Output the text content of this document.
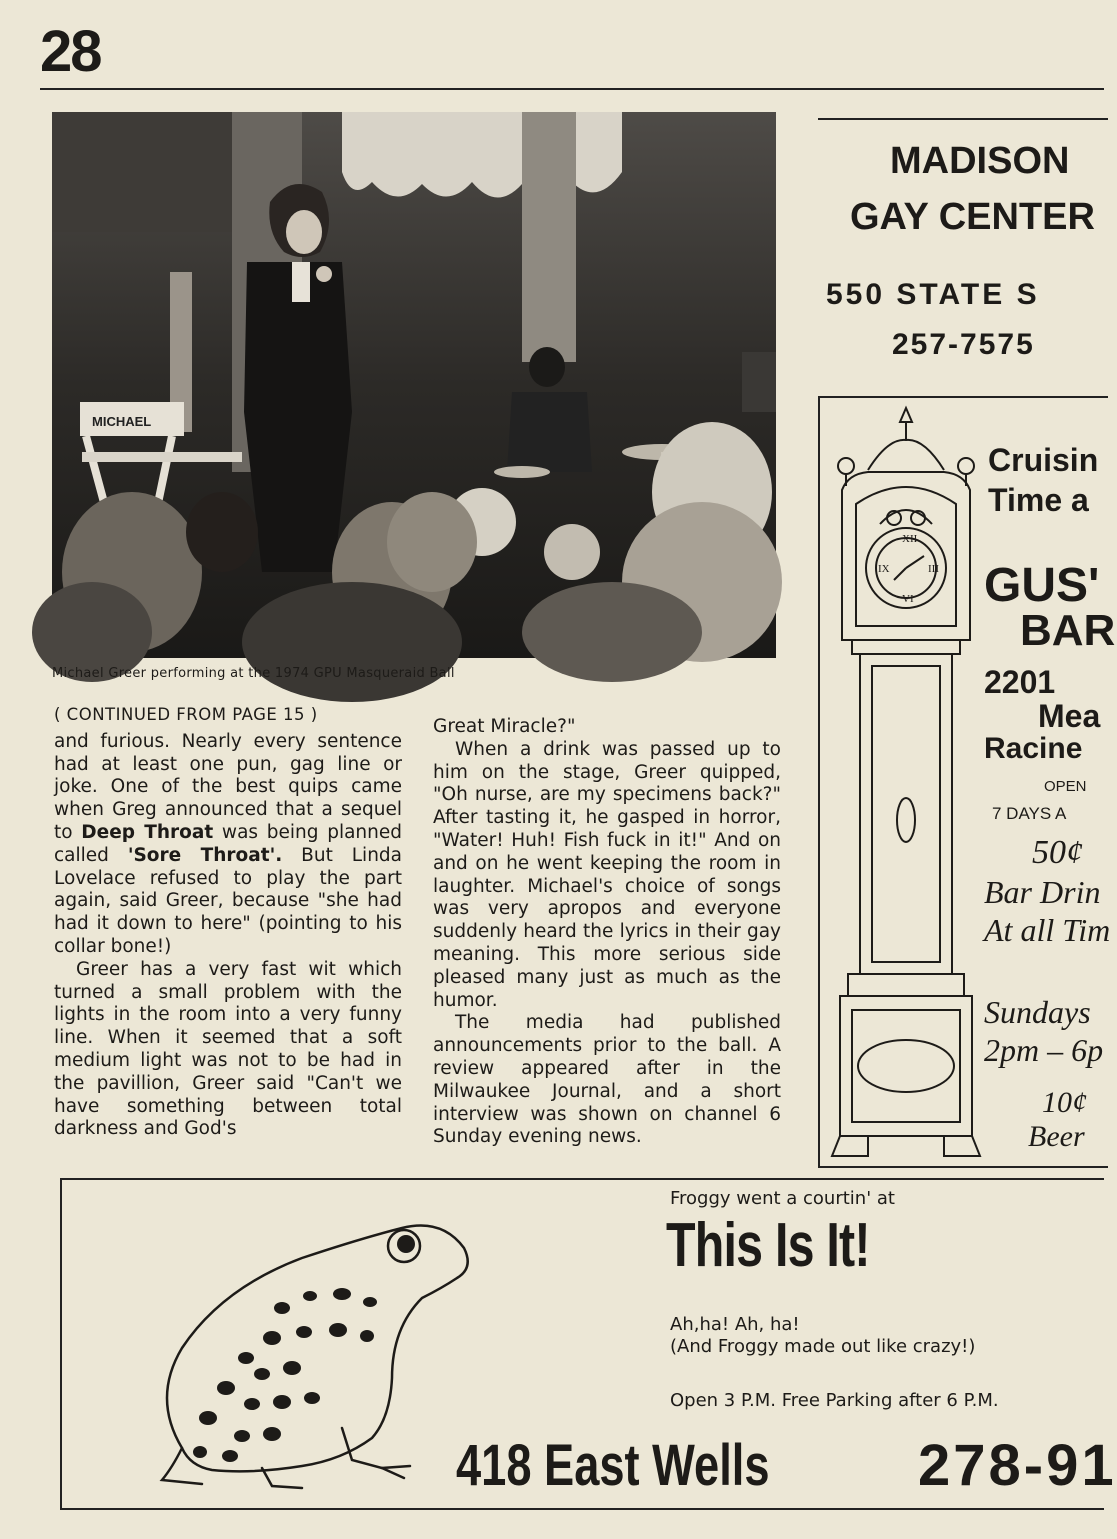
28
MICHAEL
Michael Greer performing at the 1974 GPU Masqueraid Ball

( CONTINUED FROM PAGE 15 )

and furious. Nearly every sentence had at least one pun, gag line or joke. One of the best quips came when Greg announced that a sequel to Deep Throat was being planned called 'Sore Throat'. But Linda Lovelace refused to play the part again, said Greer, because "she had had it down to here" (pointing to his collar bone!)

Greer has a very fast wit which turned a small problem with the lights in the room into a very funny line. When it seemed that a soft medium light was not to be had in the pavillion, Greer said "Can't we have something between total darkness and God's

Great Miracle?"

When a drink was passed up to him on the stage, Greer quipped, "Oh nurse, are my specimens back?" After tasting it, he gasped in horror, "Water! Huh! Fish fuck in it!" And on and on he went keeping the room in laughter. Michael's choice of songs was very apropos and everyone suddenly heard the lyrics in their gay meaning. This more serious side pleased many just as much as the humor.

The media had published announcements prior to the ball. A review appeared after in the Milwaukee Journal, and a short interview was shown on channel 6 Sunday evening news.

MADISON
GAY CENTER
550 STATE S
257-7575
XII
III
VI
IX
Cruisin
Time a
GUS'
BAR
2201
Mea
Racine
OPEN
7 DAYS A
50¢
Bar Drin
At all Tim
Sundays
2pm – 6p
10¢
Beer
Froggy went a courtin' at
This Is It!
Ah,ha! Ah, ha!
(And Froggy made out like crazy!)
Open 3 P.M. Free Parking after 6 P.M.
418 East Wells	278-91
